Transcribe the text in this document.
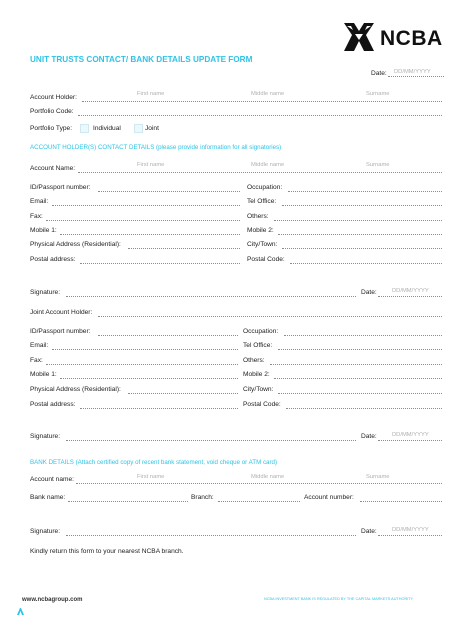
NCBA
UNIT TRUSTS CONTACT/ BANK DETAILS UPDATE FORM
Date: DD/MM/YYYY
Account Holder:	First name	Middle name	Surname
Portfolio Code:
Portfolio Type:	Individual	Joint
ACCOUNT HOLDER(S) CONTACT DETAILS (please provide information for all signatories)
Account Name:	First name	Middle name	Surname
ID/Passport number:	Occupation:
Email:	Tel Office:
Fax:	Others:
Mobile 1:	Mobile 2:
Physical Address (Residential):	City/Town:
Postal address:	Postal Code:
Signature:	Date:	DD/MM/YYYY
Joint Account Holder:
ID/Passport number:	Occupation:
Email:	Tel Office:
Fax:	Others:
Mobile 1:	Mobile 2:
Physical Address (Residential):	City/Town:
Postal address:	Postal Code:
Signature:	Date:	DD/MM/YYYY
BANK DETAILS (Attach certified copy of recent bank statement, void cheque or ATM card)
Account name:	First name	Middle name	Surname
Bank name:	Branch:	Account number:
Signature:	Date:	DD/MM/YYYY
Kindly return this form to your nearest NCBA branch.
www.ncbagroup.com	NCBA INVESTMENT BANK IS REGULATED BY THE CAPITAL MARKETS AUTHORITY
